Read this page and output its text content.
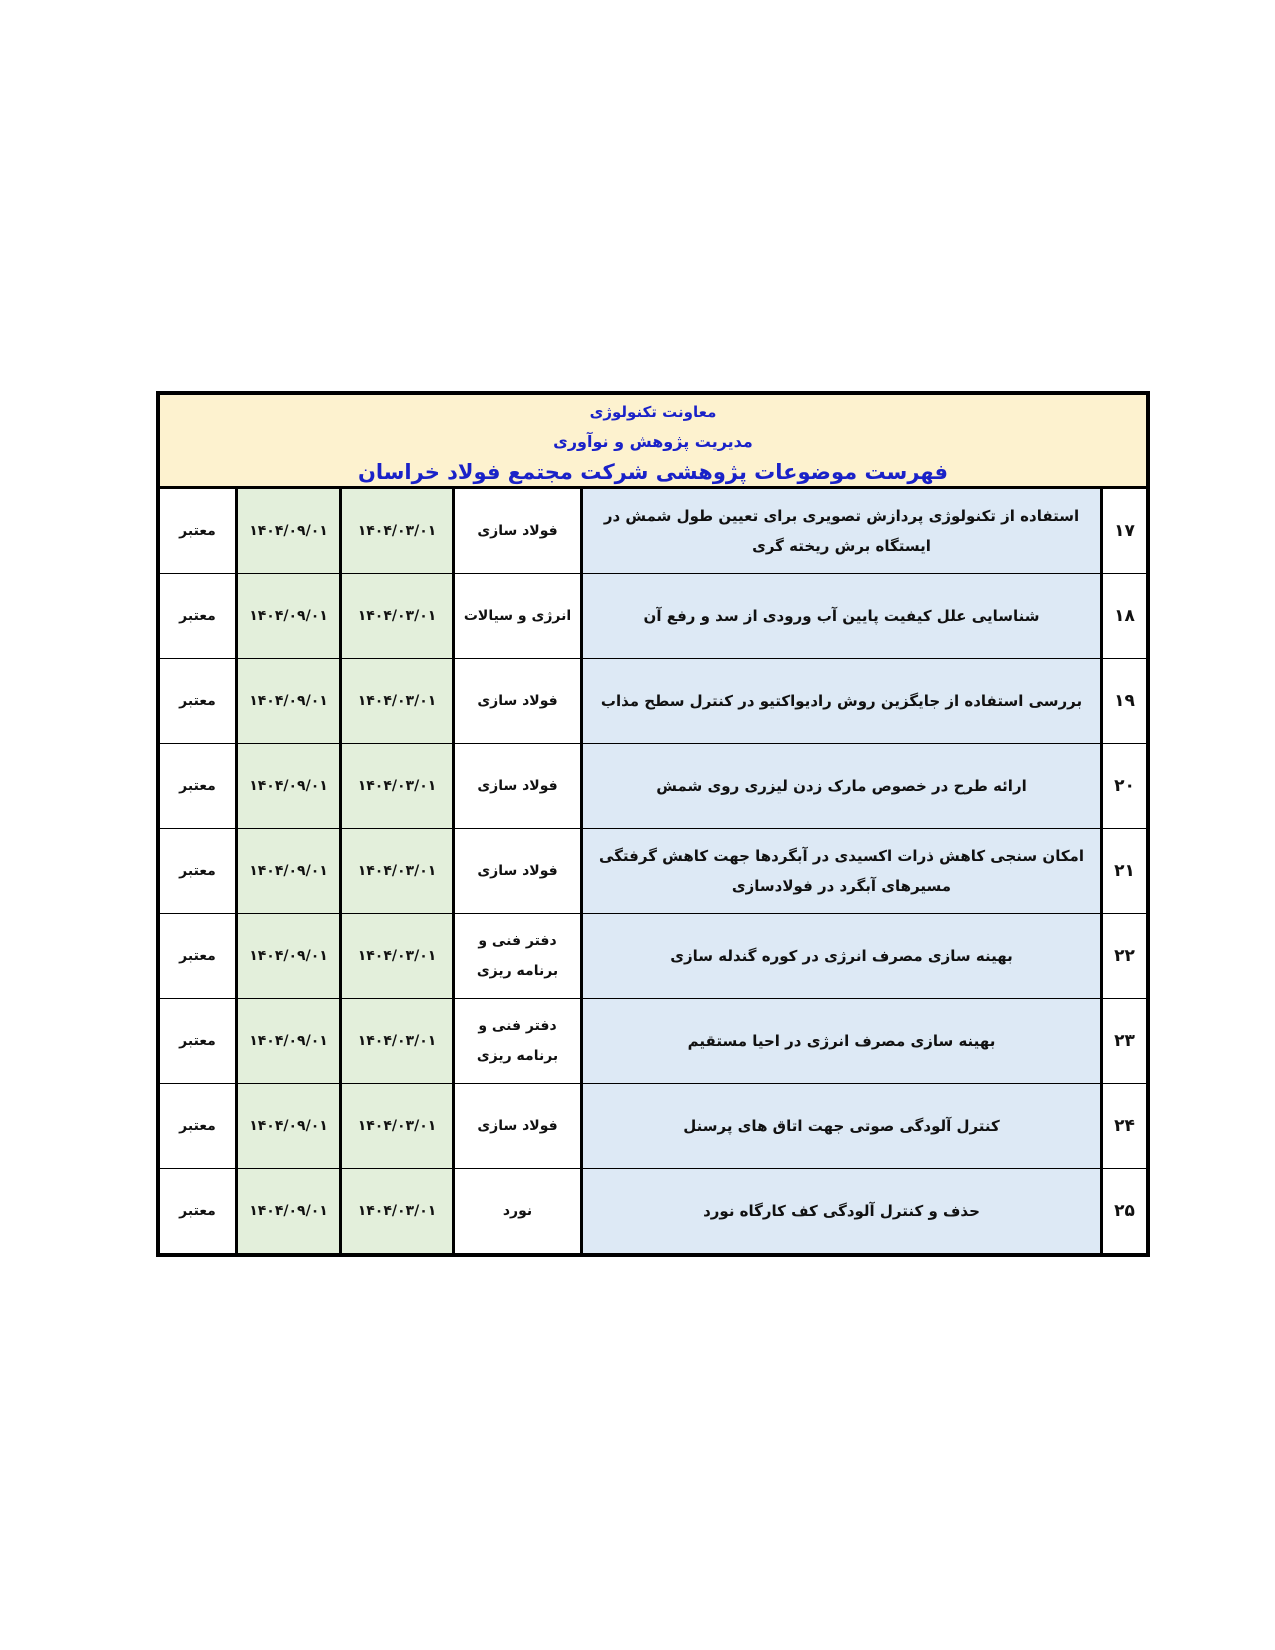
معاونت تکنولوژی
مدیریت پژوهش و نوآوری
فهرست موضوعات پژوهشی شرکت مجتمع فولاد خراسان
۱۷
استفاده از تکنولوژی پردازش تصویری برای تعیین طول شمش در ایستگاه برش ریخته گری
فولاد سازی
۱۴۰۴/۰۳/۰۱
۱۴۰۴/۰۹/۰۱
معتبر
۱۸
شناسایی علل کیفیت پایین آب ورودی از سد و رفع آن
انرژی و سیالات
۱۴۰۴/۰۳/۰۱
۱۴۰۴/۰۹/۰۱
معتبر
۱۹
بررسی استفاده از جایگزین روش رادیواکتیو در کنترل سطح مذاب
فولاد سازی
۱۴۰۴/۰۳/۰۱
۱۴۰۴/۰۹/۰۱
معتبر
۲۰
ارائه طرح در خصوص مارک زدن لیزری روی شمش
فولاد سازی
۱۴۰۴/۰۳/۰۱
۱۴۰۴/۰۹/۰۱
معتبر
۲۱
امکان سنجی کاهش ذرات اکسیدی در آبگردها جهت کاهش گرفتگی مسیرهای آبگرد در فولادسازی
فولاد سازی
۱۴۰۴/۰۳/۰۱
۱۴۰۴/۰۹/۰۱
معتبر
۲۲
بهینه سازی مصرف انرژی در کوره گندله سازی
دفتر فنی و برنامه ریزی
۱۴۰۴/۰۳/۰۱
۱۴۰۴/۰۹/۰۱
معتبر
۲۳
بهینه سازی مصرف انرژی در احیا مستقیم
دفتر فنی و برنامه ریزی
۱۴۰۴/۰۳/۰۱
۱۴۰۴/۰۹/۰۱
معتبر
۲۴
کنترل آلودگی صوتی جهت اتاق های پرسنل
فولاد سازی
۱۴۰۴/۰۳/۰۱
۱۴۰۴/۰۹/۰۱
معتبر
۲۵
حذف و کنترل آلودگی کف کارگاه نورد
نورد
۱۴۰۴/۰۳/۰۱
۱۴۰۴/۰۹/۰۱
معتبر
